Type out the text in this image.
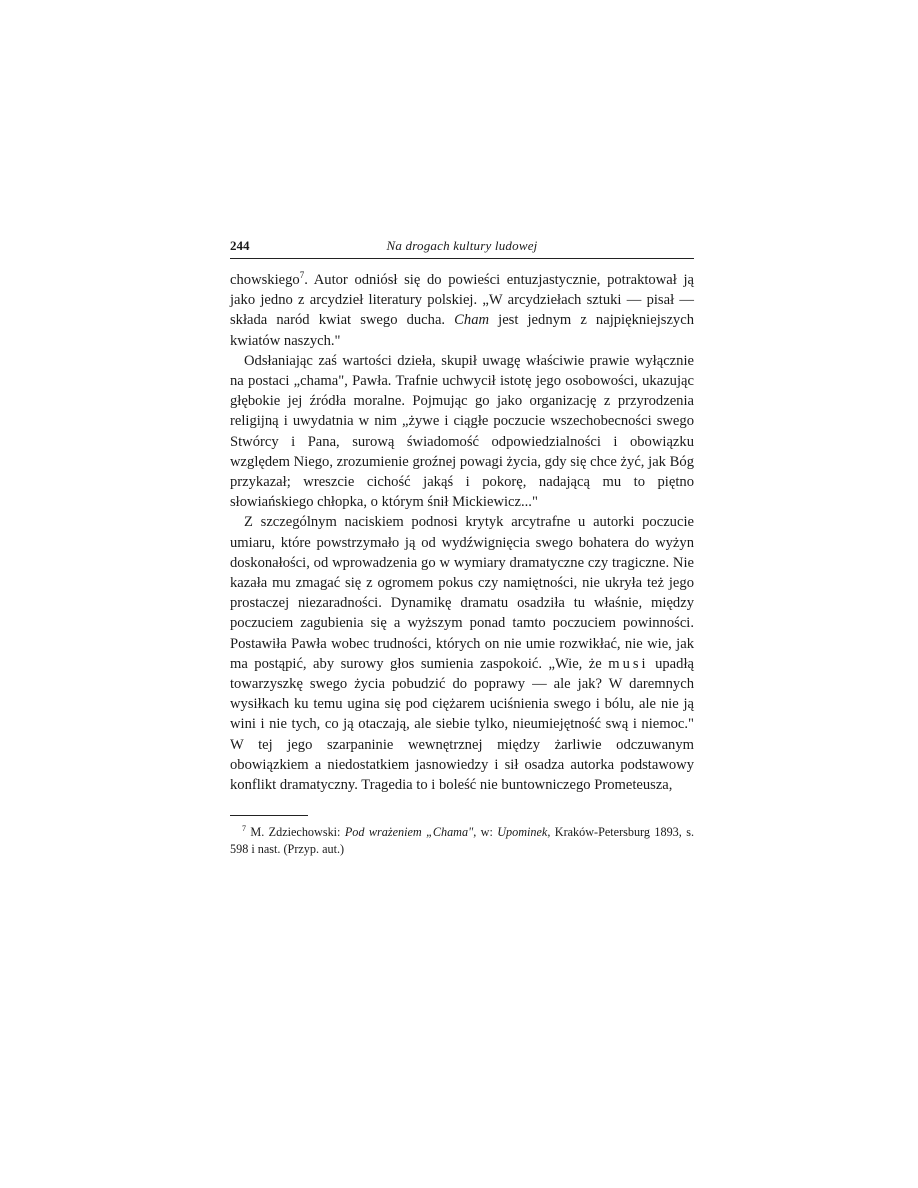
244	Na drogach kultury ludowej

chowskiego$^7$. Autor odniósł się do powieści entuzjastycznie, potraktował ją jako jedno z arcydzieł literatury polskiej. „W arcydziełach sztuki — pisał — składa naród kwiat swego ducha. Cham jest jednym z najpiękniejszych kwiatów naszych."

Odsłaniając zaś wartości dzieła, skupił uwagę właściwie prawie wyłącznie na postaci „chama", Pawła. Trafnie uchwycił istotę jego osobowości, ukazując głębokie jej źródła moralne. Pojmując go jako organizację z przyrodzenia religijną i uwydatnia w nim „żywe i ciągłe poczucie wszechobecności swego Stwórcy i Pana, surową świadomość odpowiedzialności i obowiązku względem Niego, zrozumienie groźnej powagi życia, gdy się chce żyć, jak Bóg przykazał; wreszcie cichość jakąś i pokorę, nadającą mu to piętno słowiańskiego chłopka, o którym śnił Mickiewicz..."

Z szczególnym naciskiem podnosi krytyk arcytrafne u autorki poczucie umiaru, które powstrzymało ją od wydźwignięcia swego bohatera do wyżyn doskonałości, od wprowadzenia go w wymiary dramatyczne czy tragiczne. Nie kazała mu zmagać się z ogromem pokus czy namiętności, nie ukryła też jego prostaczej niezaradności. Dynamikę dramatu osadziła tu właśnie, między poczuciem zagubienia się a wyższym ponad tamto poczuciem powinności. Postawiła Pawła wobec trudności, których on nie umie rozwikłać, nie wie, jak ma postąpić, aby surowy głos sumienia zaspokoić. „Wie, że musi upadłą towarzyszkę swego życia pobudzić do poprawy — ale jak? W daremnych wysiłkach ku temu ugina się pod ciężarem uciśnienia swego i bólu, ale nie ją wini i nie tych, co ją otaczają, ale siebie tylko, nieumiejętność swą i niemoc." W tej jego szarpaninie wewnętrznej między żarliwie odczuwanym obowiązkiem a niedostatkiem jasnowiedzy i sił osadza autorka podstawowy konflikt dramatyczny. Tragedia to i boleść nie buntowniczego Prometeusza,

$^7$ M. Zdziechowski: Pod wrażeniem „Chama", w: Upominek, Kraków-Petersburg 1893, s. 598 i nast. (Przyp. aut.)
